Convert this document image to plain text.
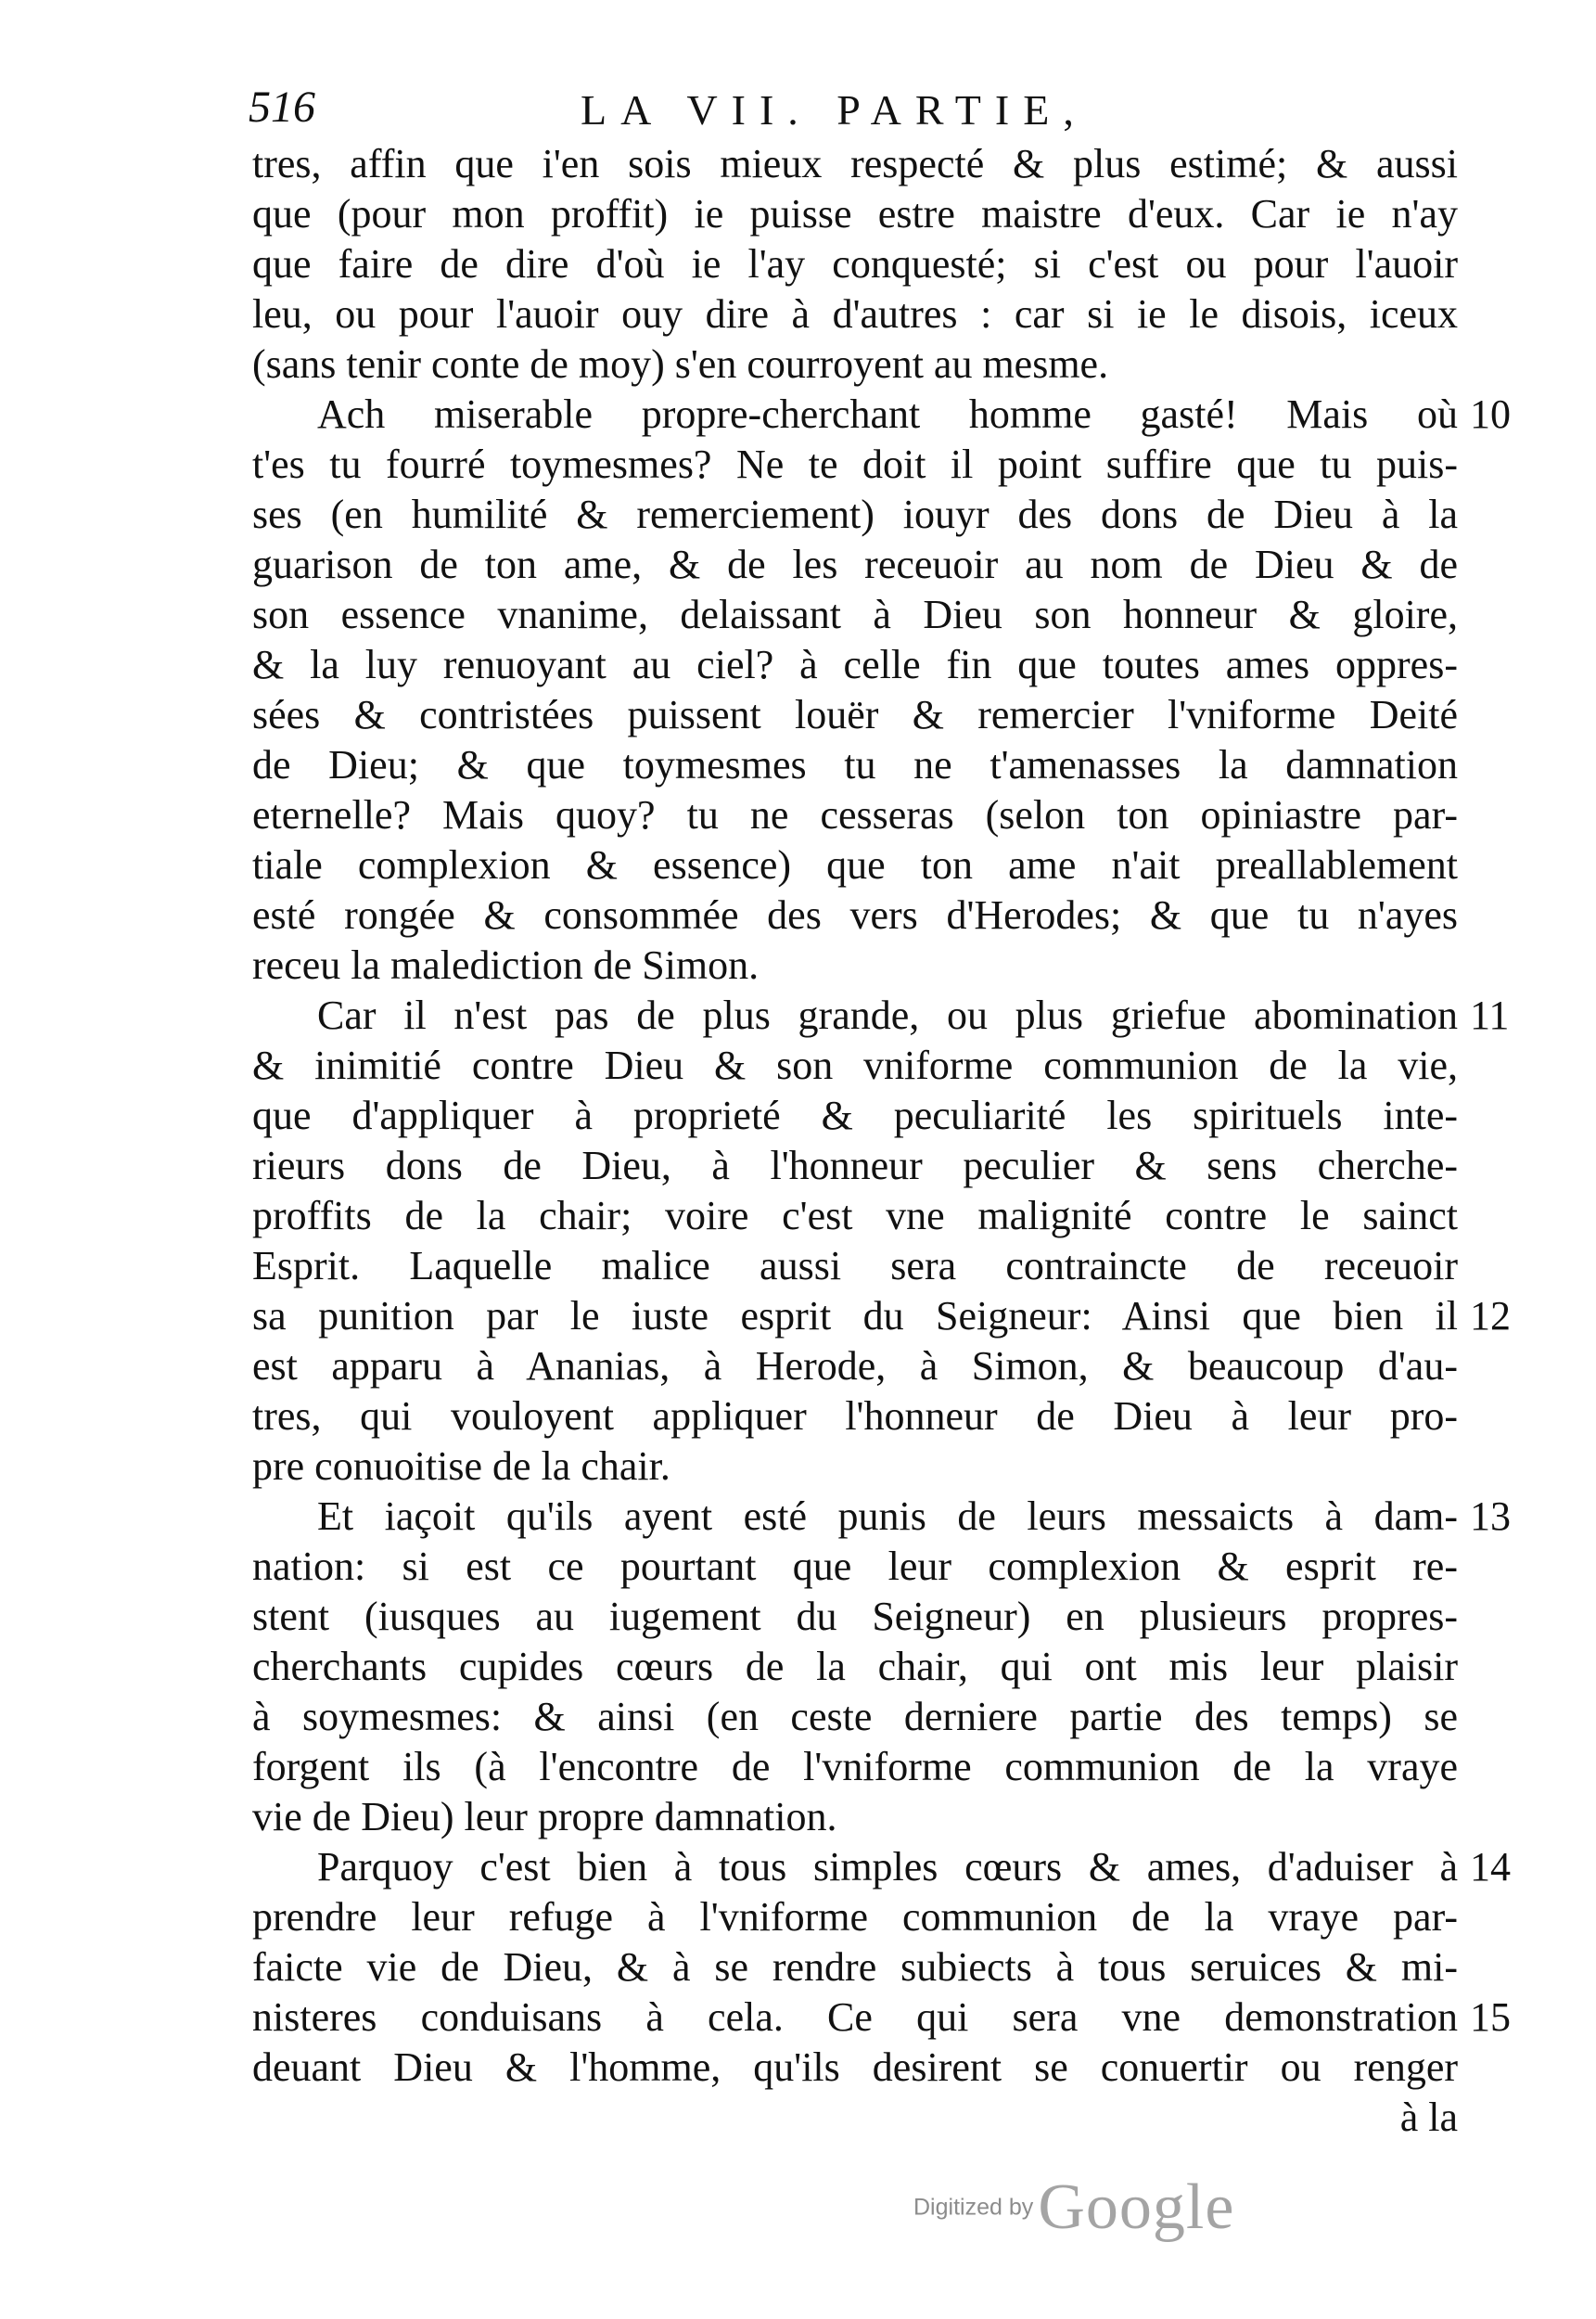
516	LA VII. PARTIE,
tres, affin que i'en sois mieux respecté & plus estimé; & aussi
que (pour mon proffit) ie puisse estre maistre d'eux. Car ie n'ay
que faire de dire d'où ie l'ay conquesté; si c'est ou pour l'auoir
leu, ou pour l'auoir ouy dire à d'autres : car si ie le disois, iceux
(sans tenir conte de moy) s'en courroyent au mesme.
Ach miserable propre-cherchant homme gasté! Mais où
t'es tu fourré toymesmes? Ne te doit il point suffire que tu puis-
ses (en humilité & remerciement) iouyr des dons de Dieu à la
guarison de ton ame, & de les receuoir au nom de Dieu & de
son essence vnanime, delaissant à Dieu son honneur & gloire,
& la luy renuoyant au ciel? à celle fin que toutes ames oppres-
sées & contristées puissent louër & remercier l'vniforme Deité
de Dieu; & que toymesmes tu ne t'amenasses la damnation
eternelle? Mais quoy? tu ne cesseras (selon ton opiniastre par-
tiale complexion & essence) que ton ame n'ait preallablement
esté rongée & consommée des vers d'Herodes; & que tu n'ayes
receu la malediction de Simon.
Car il n'est pas de plus grande, ou plus griefue abomination
& inimitié contre Dieu & son vniforme communion de la vie,
que d'appliquer à proprieté & peculiarité les spirituels inte-
rieurs dons de Dieu, à l'honneur peculier & sens cherche-
proffits de la chair; voire c'est vne malignité contre le sainct
Esprit. Laquelle malice aussi sera contraincte de receuoir
sa punition par le iuste esprit du Seigneur: Ainsi que bien il
est apparu à Ananias, à Herode, à Simon, & beaucoup d'au-
tres, qui vouloyent appliquer l'honneur de Dieu à leur pro-
pre conuoitise de la chair.
Et iaçoit qu'ils ayent esté punis de leurs messaicts à dam-
nation: si est ce pourtant que leur complexion & esprit re-
stent (iusques au iugement du Seigneur) en plusieurs propres-
cherchants cupides cœurs de la chair, qui ont mis leur plaisir
à soymesmes: & ainsi (en ceste derniere partie des temps) se
forgent ils (à l'encontre de l'vniforme communion de la vraye
vie de Dieu) leur propre damnation.
Parquoy c'est bien à tous simples cœurs & ames, d'aduiser à
prendre leur refuge à l'vniforme communion de la vraye par-
faicte vie de Dieu, & à se rendre subiects à tous seruices & mi-
nisteres conduisans à cela. Ce qui sera vne demonstration
deuant Dieu & l'homme, qu'ils desirent se conuertir ou renger
à la
10
11
12
13
14
15
Digitized by Google
